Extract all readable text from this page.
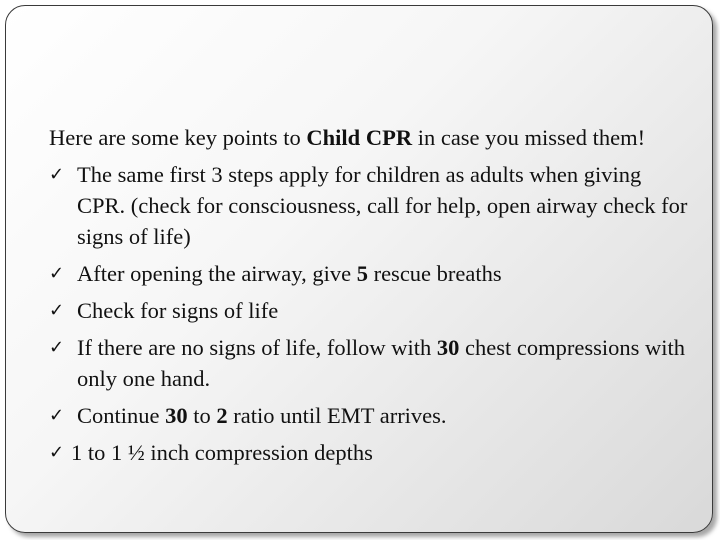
Here are some key points to Child CPR in case you missed them!

✓ The same first 3 steps apply for children as adults when giving CPR. (check for consciousness, call for help, open airway check for signs of life)
✓ After opening the airway, give 5 rescue breaths
✓ Check for signs of life
✓ If there are no signs of life, follow with 30 chest compressions with only one hand.
✓ Continue 30 to 2 ratio until EMT arrives.
✓ 1 to 1 ½ inch compression depths
